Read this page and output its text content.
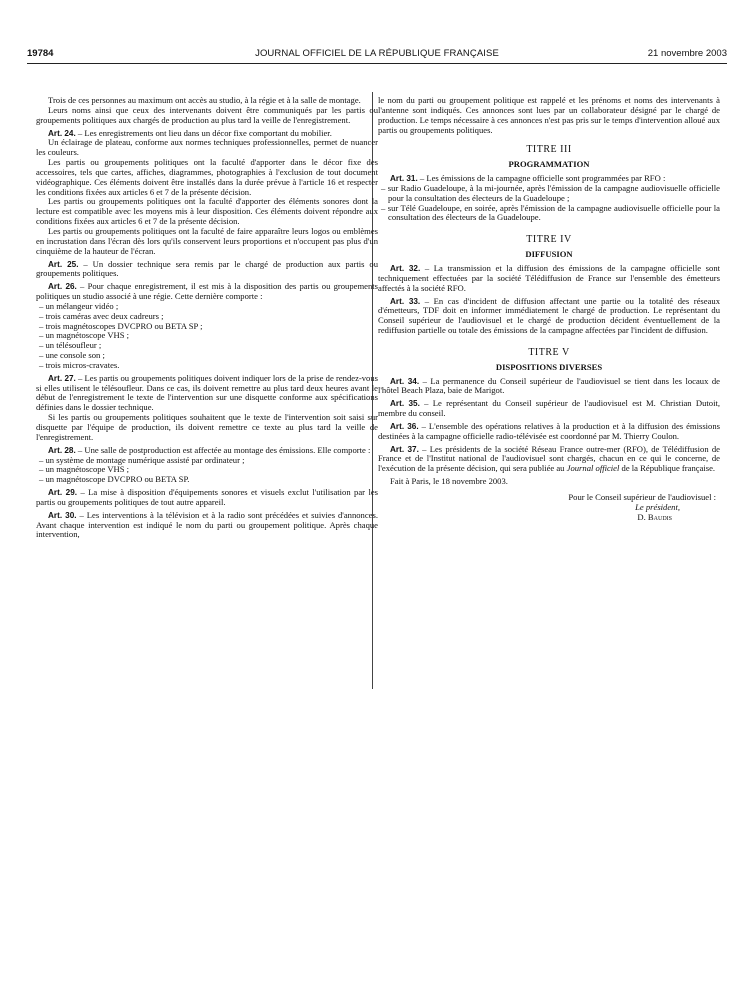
19784	JOURNAL OFFICIEL DE LA RÉPUBLIQUE FRANÇAISE	21 novembre 2003

Trois de ces personnes au maximum ont accès au studio, à la régie et à la salle de montage.

Leurs noms ainsi que ceux des intervenants doivent être communiqués par les partis ou groupements politiques aux chargés de production au plus tard la veille de l'enregistrement.

Art. 24. – Les enregistrements ont lieu dans un décor fixe comportant du mobilier.

Un éclairage de plateau, conforme aux normes techniques professionnelles, permet de nuancer les couleurs.

Les partis ou groupements politiques ont la faculté d'apporter dans le décor fixe des accessoires, tels que cartes, affiches, diagrammes, photographies à l'exclusion de tout document vidéographique. Ces éléments doivent être installés dans la durée prévue à l'article 16 et respecter les conditions fixées aux articles 6 et 7 de la présente décision.

Les partis ou groupements politiques ont la faculté d'apporter des éléments sonores dont la lecture est compatible avec les moyens mis à leur disposition. Ces éléments doivent répondre aux conditions fixées aux articles 6 et 7 de la présente décision.

Les partis ou groupements politiques ont la faculté de faire apparaître leurs logos ou emblèmes en incrustation dans l'écran dès lors qu'ils conservent leurs proportions et n'occupent pas plus d'un cinquième de la hauteur de l'écran.

Art. 25. – Un dossier technique sera remis par le chargé de production aux partis ou groupements politiques.

Art. 26. – Pour chaque enregistrement, il est mis à la disposition des partis ou groupements politiques un studio associé à une régie. Cette dernière comporte :

– un mélangeur vidéo ;
– trois caméras avec deux cadreurs ;
– trois magnétoscopes DVCPRO ou BETA SP ;
– un magnétoscope VHS ;
– un télésoufleur ;
– une console son ;
– trois micros-cravates.

Art. 27. – Les partis ou groupements politiques doivent indiquer lors de la prise de rendez-vous si elles utilisent le télésoufleur. Dans ce cas, ils doivent remettre au plus tard deux heures avant le début de l'enregistrement le texte de l'intervention sur une disquette conforme aux spécifications définies dans le dossier technique.

Si les partis ou groupements politiques souhaitent que le texte de l'intervention soit saisi sur disquette par l'équipe de production, ils doivent remettre ce texte au plus tard la veille de l'enregistrement.

Art. 28. – Une salle de postproduction est affectée au montage des émissions. Elle comporte :

– un système de montage numérique assisté par ordinateur ;
– un magnétoscope VHS ;
– un magnétoscope DVCPRO ou BETA SP.

Art. 29. – La mise à disposition d'équipements sonores et visuels exclut l'utilisation par les partis ou groupements politiques de tout autre appareil.

Art. 30. – Les interventions à la télévision et à la radio sont précédées et suivies d'annonces. Avant chaque intervention est indiqué le nom du parti ou groupement politique. Après chaque intervention,

le nom du parti ou groupement politique est rappelé et les prénoms et noms des intervenants à l'antenne sont indiqués. Ces annonces sont lues par un collaborateur désigné par le chargé de production. Le temps nécessaire à ces annonces n'est pas pris sur le temps d'intervention alloué aux partis ou groupements politiques.

TITRE III
PROGRAMMATION

Art. 31. – Les émissions de la campagne officielle sont programmées par RFO :

– sur Radio Guadeloupe, à la mi-journée, après l'émission de la campagne audiovisuelle officielle pour la consultation des électeurs de la Guadeloupe ;
– sur Télé Guadeloupe, en soirée, après l'émission de la campagne audiovisuelle officielle pour la consultation des électeurs de la Guadeloupe.
TITRE IV
DIFFUSION

Art. 32. – La transmission et la diffusion des émissions de la campagne officielle sont techniquement effectuées par la société Télédiffusion de France sur l'ensemble des émetteurs affectés à la société RFO.

Art. 33. – En cas d'incident de diffusion affectant une partie ou la totalité des réseaux d'émetteurs, TDF doit en informer immédiatement le chargé de production. Le représentant du Conseil supérieur de l'audiovisuel et le chargé de production décident éventuellement de la rediffusion partielle ou totale des émissions de la campagne affectées par l'incident de diffusion.

TITRE V
DISPOSITIONS DIVERSES

Art. 34. – La permanence du Conseil supérieur de l'audiovisuel se tient dans les locaux de l'hôtel Beach Plaza, baie de Marigot.

Art. 35. – Le représentant du Conseil supérieur de l'audiovisuel est M. Christian Dutoit, membre du conseil.

Art. 36. – L'ensemble des opérations relatives à la production et à la diffusion des émissions destinées à la campagne officielle radio-télévisée est coordonné par M. Thierry Coulon.

Art. 37. – Les présidents de la société Réseau France outre-mer (RFO), de Télédiffusion de France et de l'Institut national de l'audiovisuel sont chargés, chacun en ce qui le concerne, de l'exécution de la présente décision, qui sera publiée au Journal officiel de la République française.

Fait à Paris, le 18 novembre 2003.

Pour le Conseil supérieur de l'audiovisuel :
Le président,
D. Baudis
